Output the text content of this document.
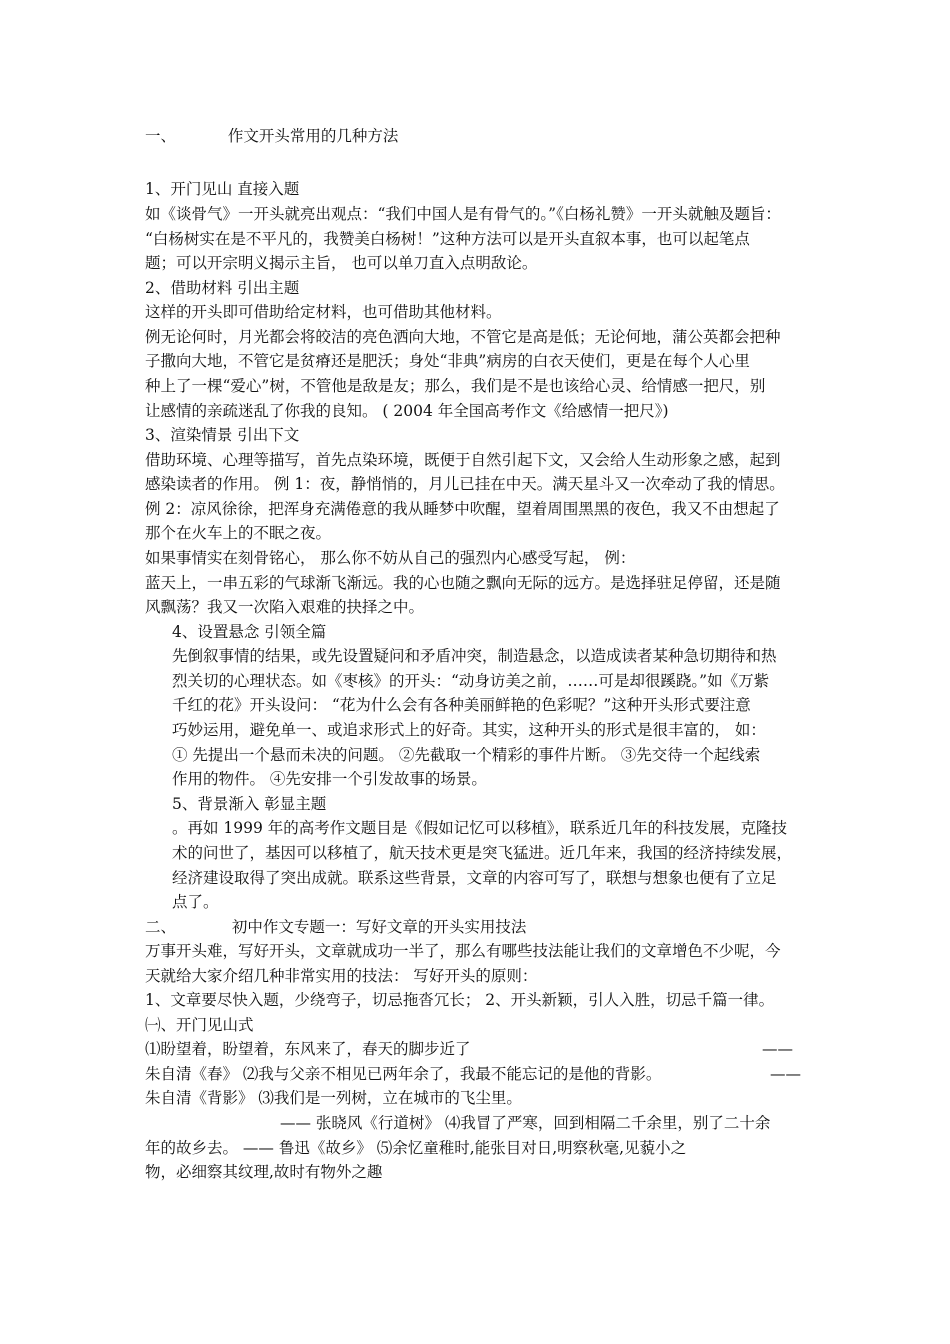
一、	作文开头常用的几种方法
1、开门见山 直接入题
如《谈骨气》一开头就亮出观点：“我们中国人是有骨气的。”《白杨礼赞》一开头就触及题旨：
“白杨树实在是不平凡的，我赞美白杨树！”这种方法可以是开头直叙本事，也可以起笔点
题；可以开宗明义揭示主旨， 也可以单刀直入点明敌论。
2、借助材料 引出主题
这样的开头即可借助给定材料，也可借助其他材料。
例无论何时，月光都会将皎洁的亮色洒向大地，不管它是高是低；无论何地，蒲公英都会把种
子撒向大地，不管它是贫瘠还是肥沃；身处“非典”病房的白衣天使们，更是在每个人心里
种上了一棵“爱心”树，不管他是敌是友；那么，我们是不是也该给心灵、给情感一把尺，别
让感情的亲疏迷乱了你我的良知。 ( 2004 年全国高考作文《给感情一把尺》)
3、渲染情景 引出下文
借助环境、心理等描写，首先点染环境，既便于自然引起下文，又会给人生动形象之感，起到
感染读者的作用。 例 1：夜，静悄悄的，月儿已挂在中天。满天星斗又一次牵动了我的情思。
例 2：凉风徐徐，把浑身充满倦意的我从睡梦中吹醒，望着周围黑黑的夜色，我又不由想起了
那个在火车上的不眠之夜。
如果事情实在刻骨铭心， 那么你不妨从自己的强烈内心感受写起， 例：
蓝天上，一串五彩的气球渐飞渐远。我的心也随之飘向无际的远方。是选择驻足停留，还是随
风飘荡？我又一次陷入艰难的抉择之中。
4、设置悬念 引领全篇
先倒叙事情的结果，或先设置疑问和矛盾冲突，制造悬念，以造成读者某种急切期待和热
烈关切的心理状态。如《枣核》的开头：“动身访美之前，……可是却很蹊跷。”如《万紫
千红的花》开头设问： “花为什么会有各种美丽鲜艳的色彩呢？”这种开头形式要注意
巧妙运用，避免单一、或追求形式上的好奇。其实，这种开头的形式是很丰富的， 如：
① 先提出一个悬而未决的问题。 ②先截取一个精彩的事件片断。 ③先交待一个起线索
作用的物件。 ④先安排一个引发故事的场景。
5、背景渐入 彰显主题
。再如 1999 年的高考作文题目是《假如记忆可以移植》，联系近几年的科技发展，克隆技
术的问世了，基因可以移植了，航天技术更是突飞猛进。近几年来，我国的经济持续发展，
经济建设取得了突出成就。联系这些背景，文章的内容可写了，联想与想象也便有了立足
点了。
二、	初中作文专题一：写好文章的开头实用技法
万事开头难，写好开头，文章就成功一半了，那么有哪些技法能让我们的文章增色不少呢，今
天就给大家介绍几种非常实用的技法： 写好开头的原则：
1、文章要尽快入题，少绕弯子，切忌拖沓冗长； 2、开头新颖，引人入胜，切忌千篇一律。
㈠、开门见山式
⑴盼望着，盼望着，东风来了，春天的脚步近了	——
朱自清《春》 ⑵我与父亲不相见已两年余了，我最不能忘记的是他的背影。	——
朱自清《背影》 ⑶我们是一列树，立在城市的飞尘里。
—— 张晓风《行道树》 ⑷我冒了严寒，回到相隔二千余里，别了二十余
年的故乡去。 —— 鲁迅《故乡》 ⑸余忆童稚时,能张目对日,明察秋毫,见藐小之
物，必细察其纹理,故时有物外之趣
